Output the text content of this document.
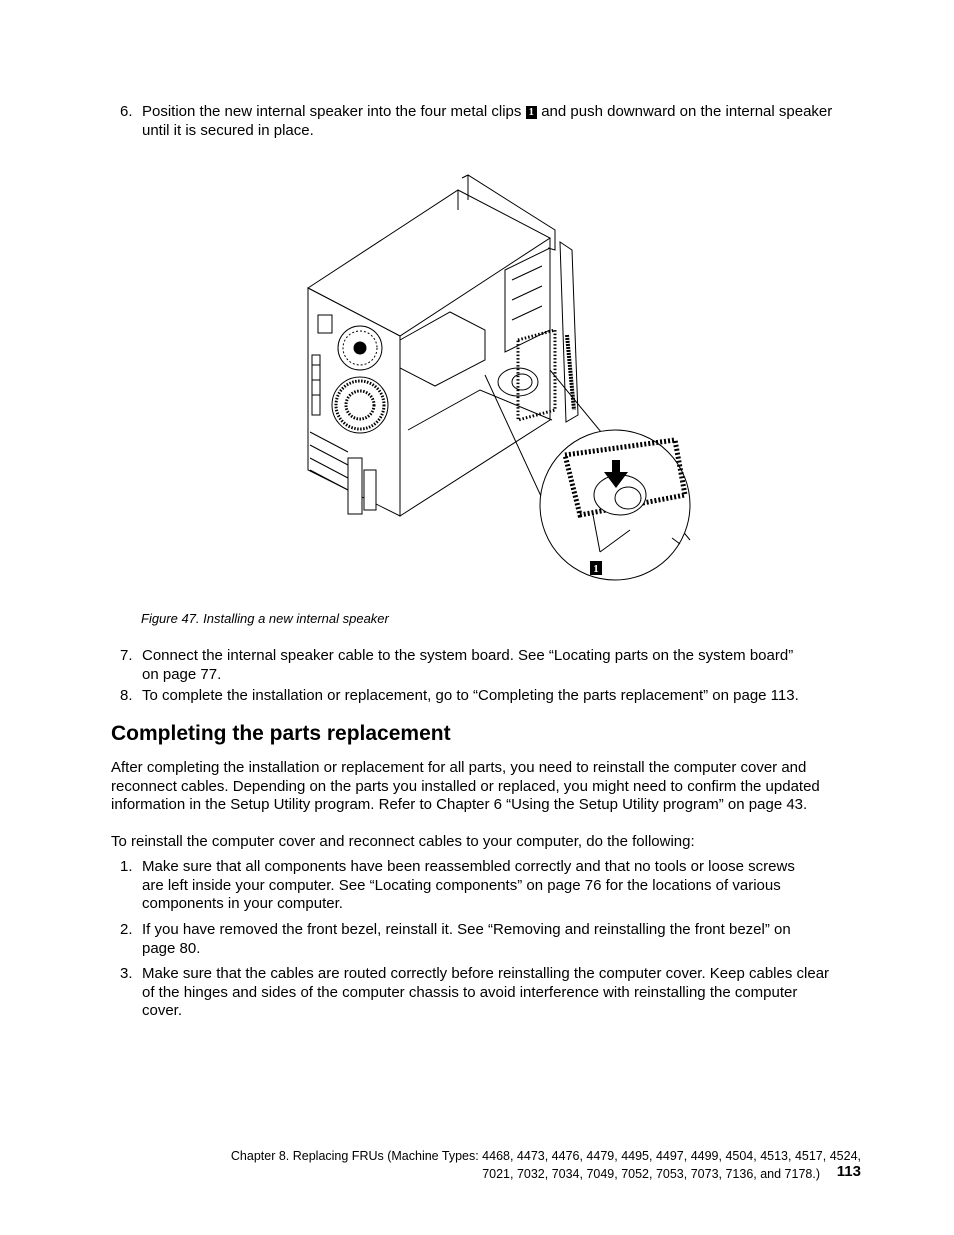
6. Position the new internal speaker into the four metal clips 1 and push downward on the internal speaker
until it is secured in place.
1
Figure 47. Installing a new internal speaker
7. Connect the internal speaker cable to the system board. See “Locating parts on the system board”
on page 77.
8. To complete the installation or replacement, go to “Completing the parts replacement” on page 113.
Completing the parts replacement
After completing the installation or replacement for all parts, you need to reinstall the computer cover and
reconnect cables. Depending on the parts you installed or replaced, you might need to confirm the updated
information in the Setup Utility program. Refer to Chapter 6 “Using the Setup Utility program” on page 43.
To reinstall the computer cover and reconnect cables to your computer, do the following:
1. Make sure that all components have been reassembled correctly and that no tools or loose screws
are left inside your computer. See “Locating components” on page 76 for the locations of various
components in your computer.
2. If you have removed the front bezel, reinstall it. See “Removing and reinstalling the front bezel” on
page 80.
3. Make sure that the cables are routed correctly before reinstalling the computer cover. Keep cables clear
of the hinges and sides of the computer chassis to avoid interference with reinstalling the computer
cover.
Chapter 8. Replacing FRUs (Machine Types: 4468, 4473, 4476, 4479, 4495, 4497, 4499, 4504, 4513, 4517, 4524,
7021, 7032, 7034, 7049, 7052, 7053, 7073, 7136, and 7178.) 113
